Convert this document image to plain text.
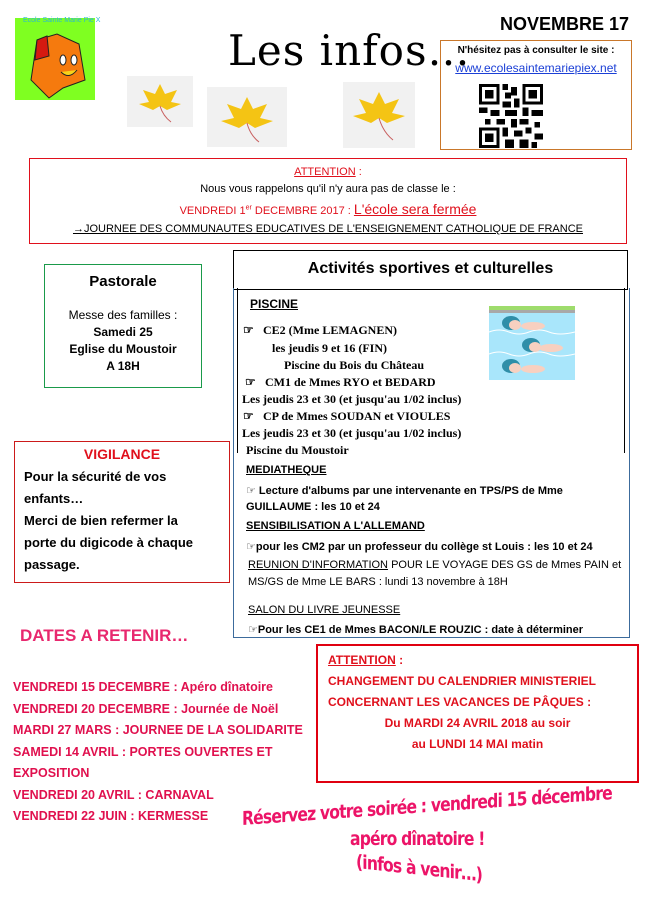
Ecole Sainte Marie Pie X
Les infos…
NOVEMBRE 17
N'hésitez pas à consulter le site :
www.ecolesaintemariepiex.net
ATTENTION :
Nous vous rappelons qu'il n'y aura pas de classe le :
VENDREDI 1er DECEMBRE 2017 : L'école sera fermée
→JOURNEE DES COMMUNAUTES EDUCATIVES DE L'ENSEIGNEMENT CATHOLIQUE DE FRANCE
Pastorale
Messe des familles :
Samedi 25
Eglise du Moustoir
A 18H
VIGILANCE
Pour la sécurité de vos
enfants…
Merci de bien refermer la
porte du digicode à chaque
passage.
Activités sportives et culturelles
PISCINE
☞ CE2 (Mme LEMAGNEN)
les jeudis 9 et 16 (FIN)
Piscine du Bois du Château
☞ CM1 de Mmes RYO et BEDARD
Les jeudis 23 et 30 (et jusqu'au 1/02 inclus)
☞ CP de Mmes SOUDAN et VIOULES
Les jeudis 23 et 30 (et jusqu'au 1/02 inclus)
Piscine du Moustoir
MEDIATHEQUE
☞ Lecture d'albums par une intervenante en TPS/PS de Mme
GUILLAUME : les 10 et 24
SENSIBILISATION A L'ALLEMAND
☞pour les CM2 par un professeur du collège st Louis : les 10 et 24
REUNION D'INFORMATION POUR LE VOYAGE DES GS de Mmes PAIN et
MS/GS de Mme LE BARS : lundi 13 novembre à 18H
SALON DU LIVRE JEUNESSE
☞Pour les CE1 de Mmes BACON/LE ROUZIC : date à déterminer
DATES A RETENIR…
VENDREDI 15 DECEMBRE : Apéro dînatoire
VENDREDI 20 DECEMBRE : Journée de Noël
MARDI 27 MARS : JOURNEE DE LA SOLIDARITE
SAMEDI 14 AVRIL : PORTES OUVERTES ET
EXPOSITION
VENDREDI 20 AVRIL : CARNAVAL
VENDREDI 22 JUIN : KERMESSE
ATTENTION :
CHANGEMENT DU CALENDRIER MINISTERIEL
CONCERNANT LES VACANCES DE PÂQUES :
Du MARDI 24 AVRIL 2018 au soir
au LUNDI 14 MAI matin
Réservez votre soirée : vendredi 15 décembre
apéro dînatoire !
(infos à venir…)
